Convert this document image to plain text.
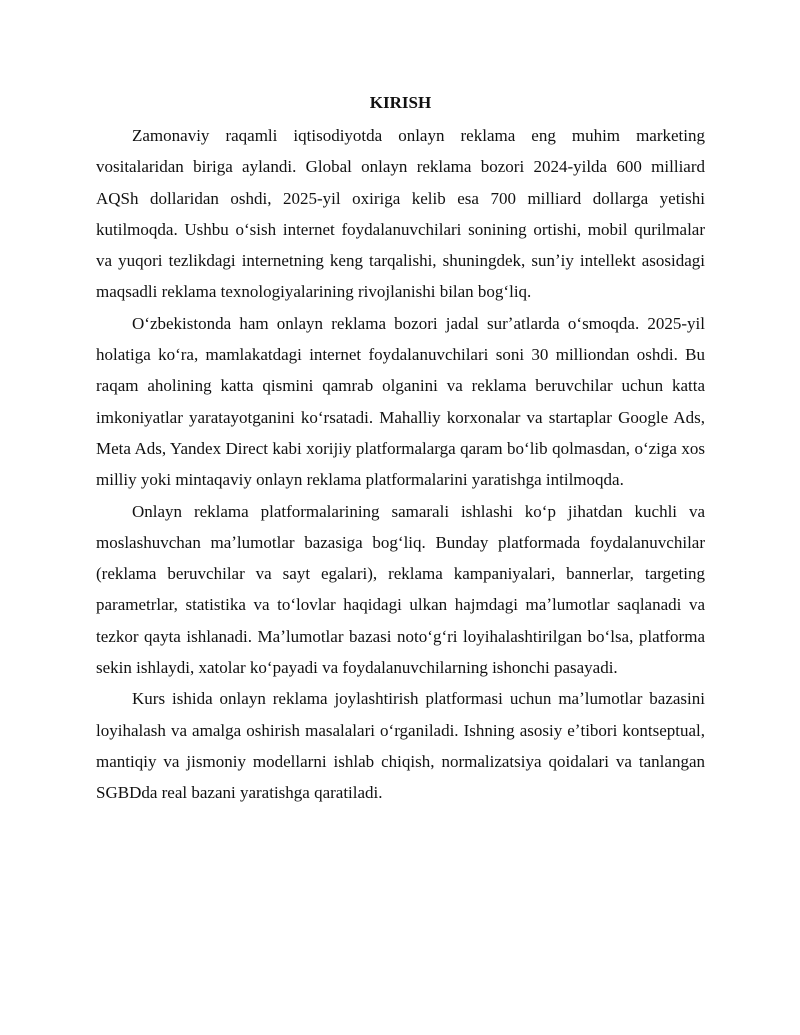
KIRISH

Zamonaviy raqamli iqtisodiyotda onlayn reklama eng muhim marketing vositalaridan biriga aylandi. Global onlayn reklama bozori 2024-yilda 600 milliard AQSh dollaridan oshdi, 2025-yil oxiriga kelib esa 700 milliard dollarga yetishi kutilmoqda. Ushbu oʻsish internet foydalanuvchilari sonining ortishi, mobil qurilmalar va yuqori tezlikdagi internetning keng tarqalishi, shuningdek, sunʼiy intellekt asosidagi maqsadli reklama texnologiyalarining rivojlanishi bilan bogʻliq.

Oʻzbekistonda ham onlayn reklama bozori jadal surʼatlarda oʻsmoqda. 2025-yil holatiga koʻra, mamlakatdagi internet foydalanuvchilari soni 30 milliondan oshdi. Bu raqam aholining katta qismini qamrab olganini va reklama beruvchilar uchun katta imkoniyatlar yaratayotganini koʻrsatadi. Mahalliy korxonalar va startaplar Google Ads, Meta Ads, Yandex Direct kabi xorijiy platformalarga qaram boʻlib qolmasdan, oʻziga xos milliy yoki mintaqaviy onlayn reklama platformalarini yaratishga intilmoqda.

Onlayn reklama platformalarining samarali ishlashi koʻp jihatdan kuchli va moslashuvchan maʼlumotlar bazasiga bogʻliq. Bunday platformada foydalanuvchilar (reklama beruvchilar va sayt egalari), reklama kampaniyalari, bannerlar, targeting parametrlar, statistika va toʻlovlar haqidagi ulkan hajmdagi maʼlumotlar saqlanadi va tezkor qayta ishlanadi. Maʼlumotlar bazasi notoʻgʻri loyihalashtirilgan boʻlsa, platforma sekin ishlaydi, xatolar koʻpayadi va foydalanuvchilarning ishonchi pasayadi.

Kurs ishida onlayn reklama joylashtirish platformasi uchun maʼlumotlar bazasini loyihalash va amalga oshirish masalalari oʻrganiladi. Ishning asosiy eʼtibori kontseptual, mantiqiy va jismoniy modellarni ishlab chiqish, normalizatsiya qoidalari va tanlangan SGBDda real bazani yaratishga qaratiladi.
